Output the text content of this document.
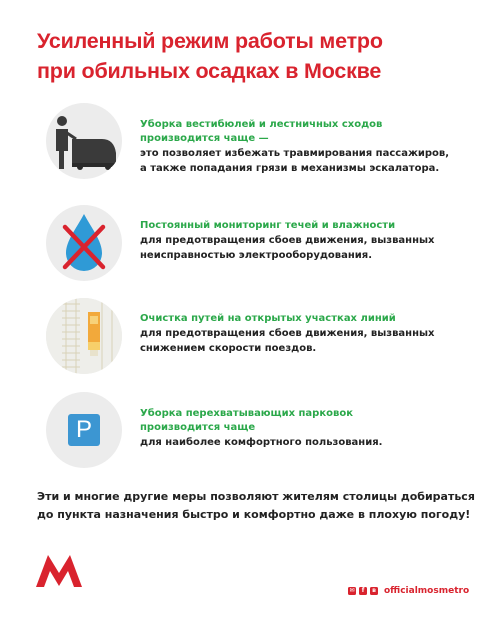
Усиленный режим работы метро
при обильных осадках в Москве
Уборка вестибюлей и лестничных сходов
производится чаще —
это позволяет избежать травмирования пассажиров,
а также попадания грязи в механизмы эскалатора.
Постоянный мониторинг течей и влажности
для предотвращения сбоев движения, вызванных
неисправностью электрооборудования.
Очистка путей на открытых участках линий
для предотвращения сбоев движения, вызванных
снижением скорости поездов.
P
Уборка перехватывающих парковок
производится чаще
для наиболее комфортного пользования.
Эти и многие другие меры позволяют жителям столицы добираться
до пункта назначения быстро и комфортно даже в плохую погоду!
✉	f	в officialmosmetro
